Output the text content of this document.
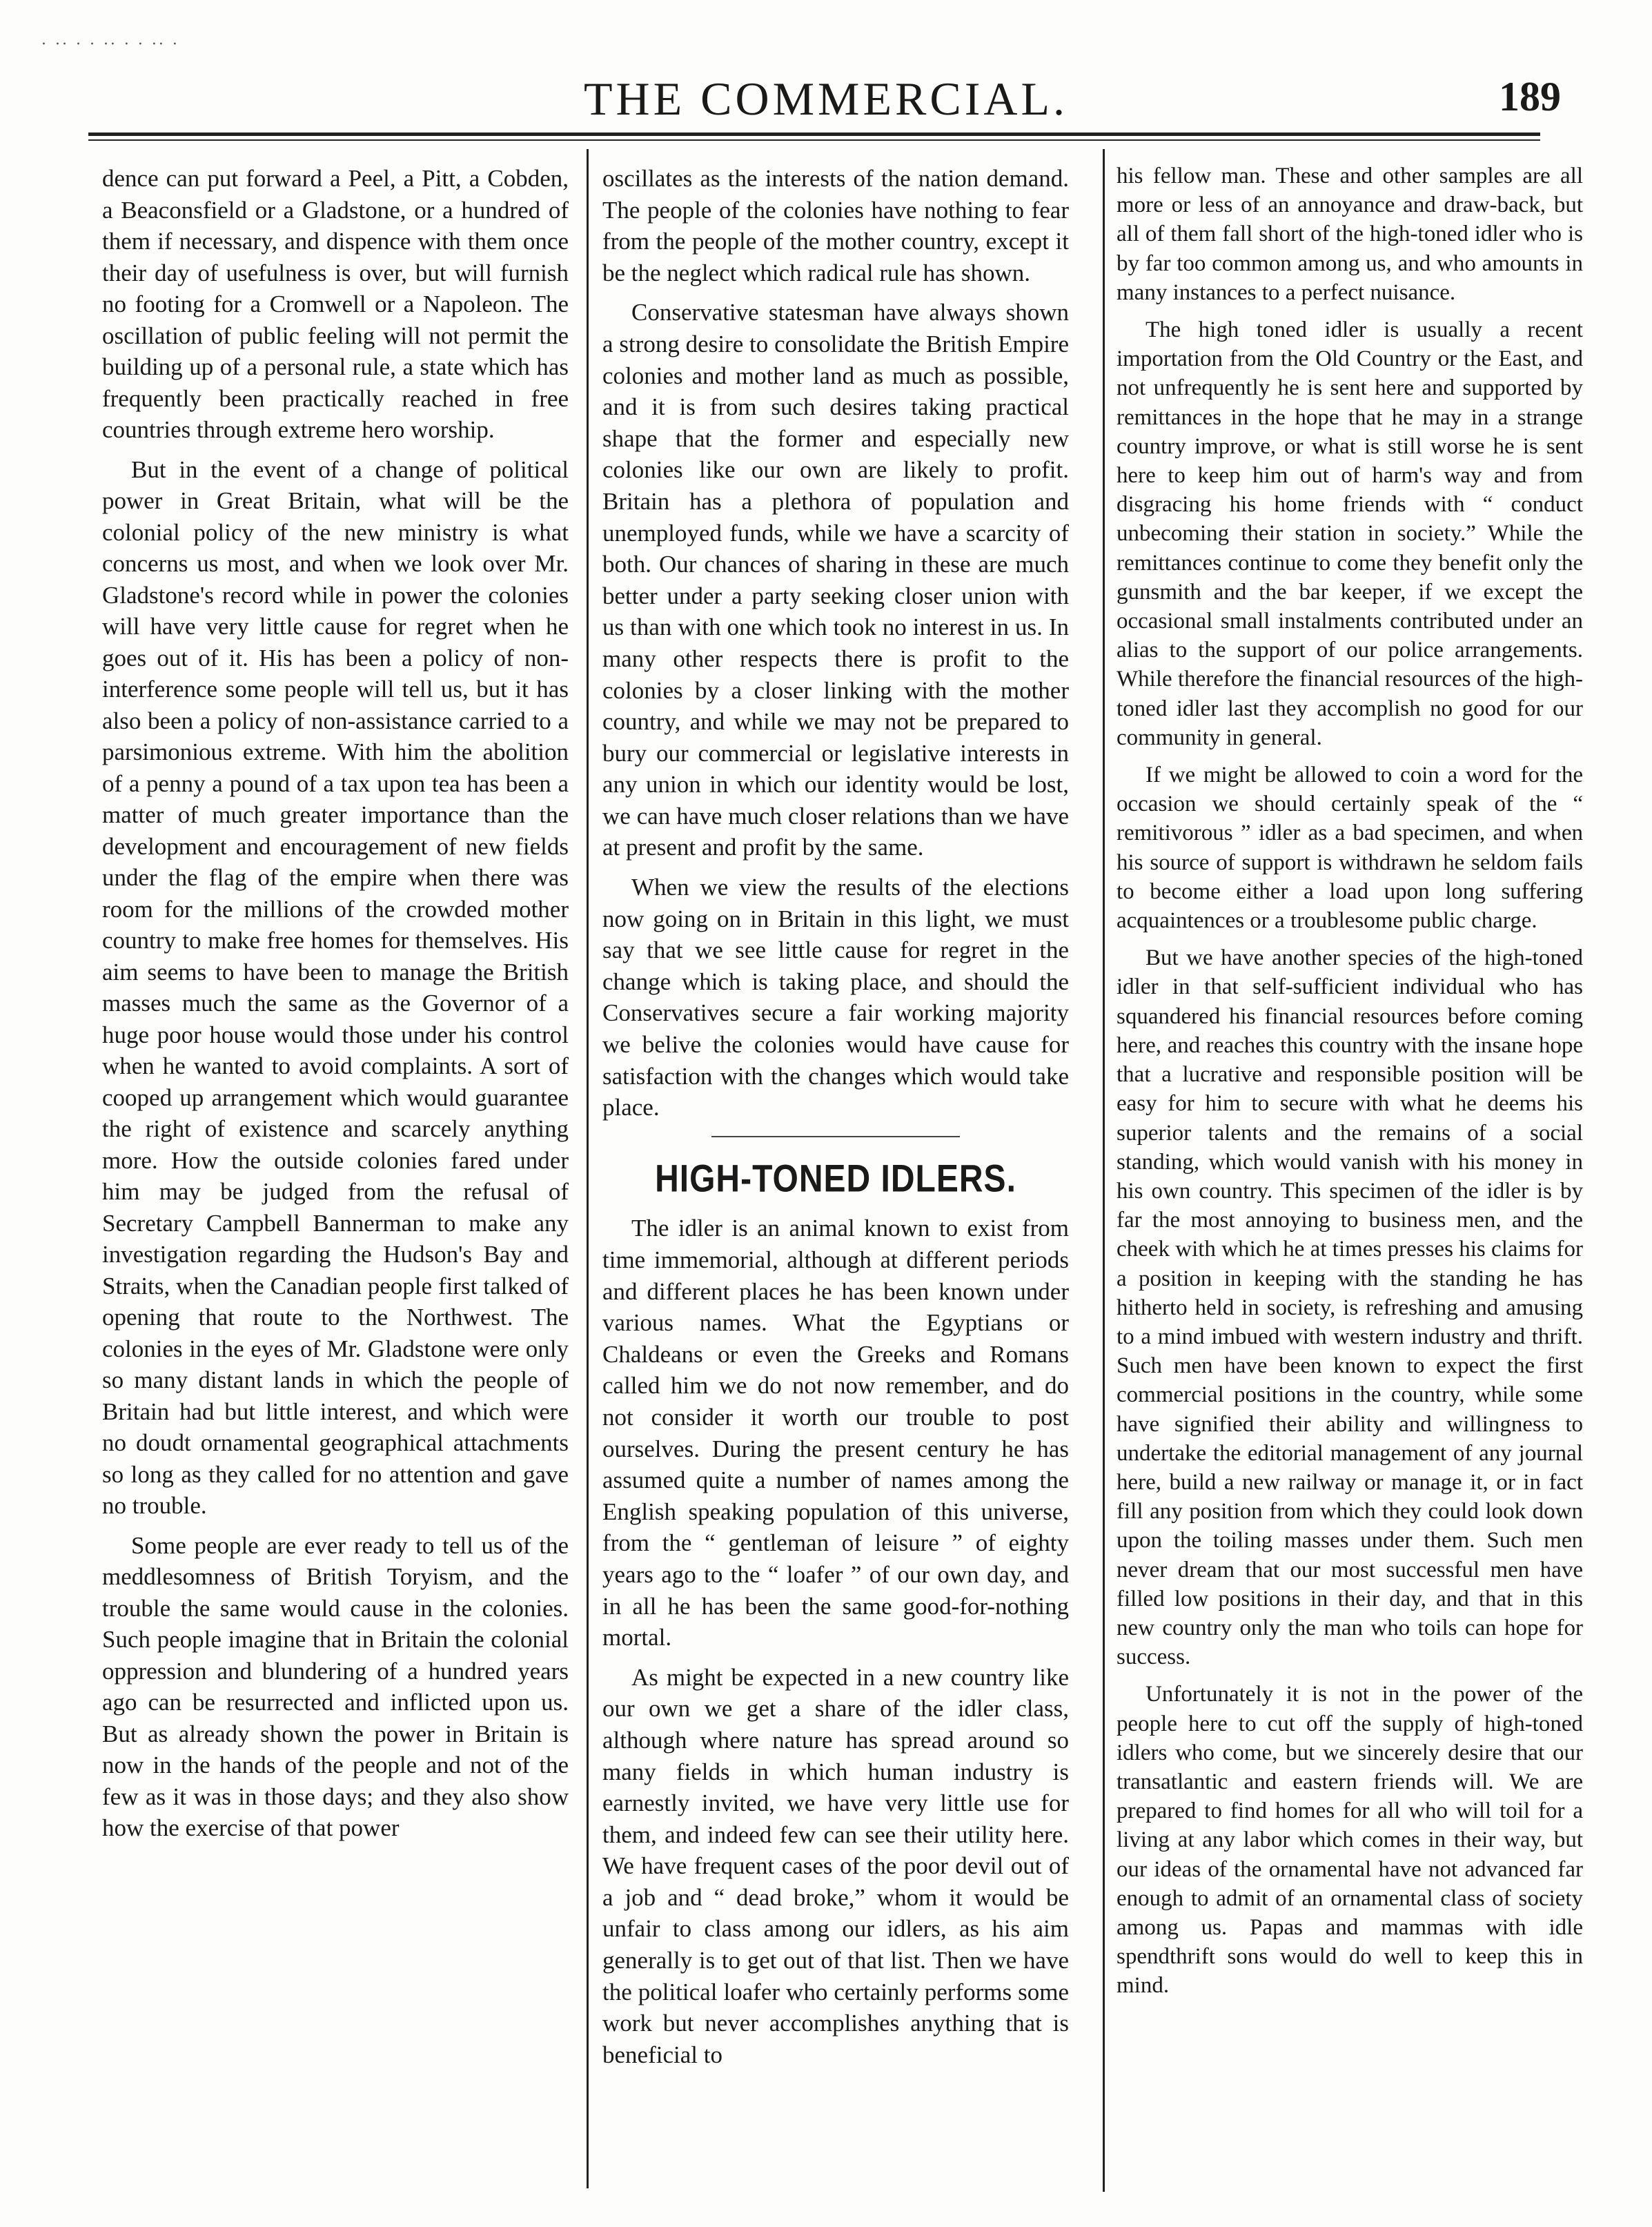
· ·· · · ·· · · ·· ·
THE COMMERCIAL.	189

dence can put forward a Peel, a Pitt, a Cobden, a Beaconsfield or a Gladstone, or a hundred of them if necessary, and dispence with them once their day of usefulness is over, but will furnish no footing for a Cromwell or a Napoleon. The oscillation of public feeling will not permit the building up of a personal rule, a state which has frequently been practically reached in free countries through extreme hero worship.

But in the event of a change of political power in Great Britain, what will be the colonial policy of the new ministry is what concerns us most, and when we look over Mr. Gladstone's record while in power the colonies will have very little cause for regret when he goes out of it. His has been a policy of non-interference some people will tell us, but it has also been a policy of non-assistance carried to a parsimonious extreme. With him the abolition of a penny a pound of a tax upon tea has been a matter of much greater importance than the development and encouragement of new fields under the flag of the empire when there was room for the millions of the crowded mother country to make free homes for themselves. His aim seems to have been to manage the British masses much the same as the Governor of a huge poor house would those under his control when he wanted to avoid complaints. A sort of cooped up arrangement which would guarantee the right of existence and scarcely anything more. How the outside colonies fared under him may be judged from the refusal of Secretary Campbell Bannerman to make any investigation regarding the Hudson's Bay and Straits, when the Canadian people first talked of opening that route to the Northwest. The colonies in the eyes of Mr. Gladstone were only so many distant lands in which the people of Britain had but little interest, and which were no doudt ornamental geographical attachments so long as they called for no attention and gave no trouble.

Some people are ever ready to tell us of the meddlesomness of British Toryism, and the trouble the same would cause in the colonies. Such people imagine that in Britain the colonial oppression and blundering of a hundred years ago can be resurrected and inflicted upon us. But as already shown the power in Britain is now in the hands of the people and not of the few as it was in those days; and they also show how the exercise of that power

oscillates as the interests of the nation demand. The people of the colonies have nothing to fear from the people of the mother country, except it be the neglect which radical rule has shown.

Conservative statesman have always shown a strong desire to consolidate the British Empire colonies and mother land as much as possible, and it is from such desires taking practical shape that the former and especially new colonies like our own are likely to profit. Britain has a plethora of population and unemployed funds, while we have a scarcity of both. Our chances of sharing in these are much better under a party seeking closer union with us than with one which took no interest in us. In many other respects there is profit to the colonies by a closer linking with the mother country, and while we may not be prepared to bury our commercial or legislative interests in any union in which our identity would be lost, we can have much closer relations than we have at present and profit by the same.

When we view the results of the elections now going on in Britain in this light, we must say that we see little cause for regret in the change which is taking place, and should the Conservatives secure a fair working majority we belive the colonies would have cause for satisfaction with the changes which would take place.

HIGH-TONED IDLERS.

The idler is an animal known to exist from time immemorial, although at different periods and different places he has been known under various names. What the Egyptians or Chaldeans or even the Greeks and Romans called him we do not now remember, and do not consider it worth our trouble to post ourselves. During the present century he has assumed quite a number of names among the English speaking population of this universe, from the “ gentleman of leisure ” of eighty years ago to the “ loafer ” of our own day, and in all he has been the same good-for-nothing mortal.

As might be expected in a new country like our own we get a share of the idler class, although where nature has spread around so many fields in which human industry is earnestly invited, we have very little use for them, and indeed few can see their utility here. We have frequent cases of the poor devil out of a job and “ dead broke,” whom it would be unfair to class among our idlers, as his aim generally is to get out of that list. Then we have the political loafer who certainly performs some work but never accomplishes anything that is beneficial to

his fellow man. These and other samples are all more or less of an annoyance and draw-back, but all of them fall short of the high-toned idler who is by far too common among us, and who amounts in many instances to a perfect nuisance.

The high toned idler is usually a recent importation from the Old Country or the East, and not unfrequently he is sent here and supported by remittances in the hope that he may in a strange country improve, or what is still worse he is sent here to keep him out of harm's way and from disgracing his home friends with “ conduct unbecoming their station in society.” While the remittances continue to come they benefit only the gunsmith and the bar keeper, if we except the occasional small instalments contributed under an alias to the support of our police arrangements. While therefore the financial resources of the high-toned idler last they accomplish no good for our community in general.

If we might be allowed to coin a word for the occasion we should certainly speak of the “ remitivorous ” idler as a bad specimen, and when his source of support is withdrawn he seldom fails to become either a load upon long suffering acquaintences or a troublesome public charge.

But we have another species of the high-toned idler in that self-sufficient individual who has squandered his financial resources before coming here, and reaches this country with the insane hope that a lucrative and responsible position will be easy for him to secure with what he deems his superior talents and the remains of a social standing, which would vanish with his money in his own country. This specimen of the idler is by far the most annoying to business men, and the cheek with which he at times presses his claims for a position in keeping with the standing he has hitherto held in society, is refreshing and amusing to a mind imbued with western industry and thrift. Such men have been known to expect the first commercial positions in the country, while some have signified their ability and willingness to undertake the editorial management of any journal here, build a new railway or manage it, or in fact fill any position from which they could look down upon the toiling masses under them. Such men never dream that our most successful men have filled low positions in their day, and that in this new country only the man who toils can hope for success.

Unfortunately it is not in the power of the people here to cut off the supply of high-toned idlers who come, but we sincerely desire that our transatlantic and eastern friends will. We are prepared to find homes for all who will toil for a living at any labor which comes in their way, but our ideas of the ornamental have not advanced far enough to admit of an ornamental class of society among us. Papas and mammas with idle spendthrift sons would do well to keep this in mind.
